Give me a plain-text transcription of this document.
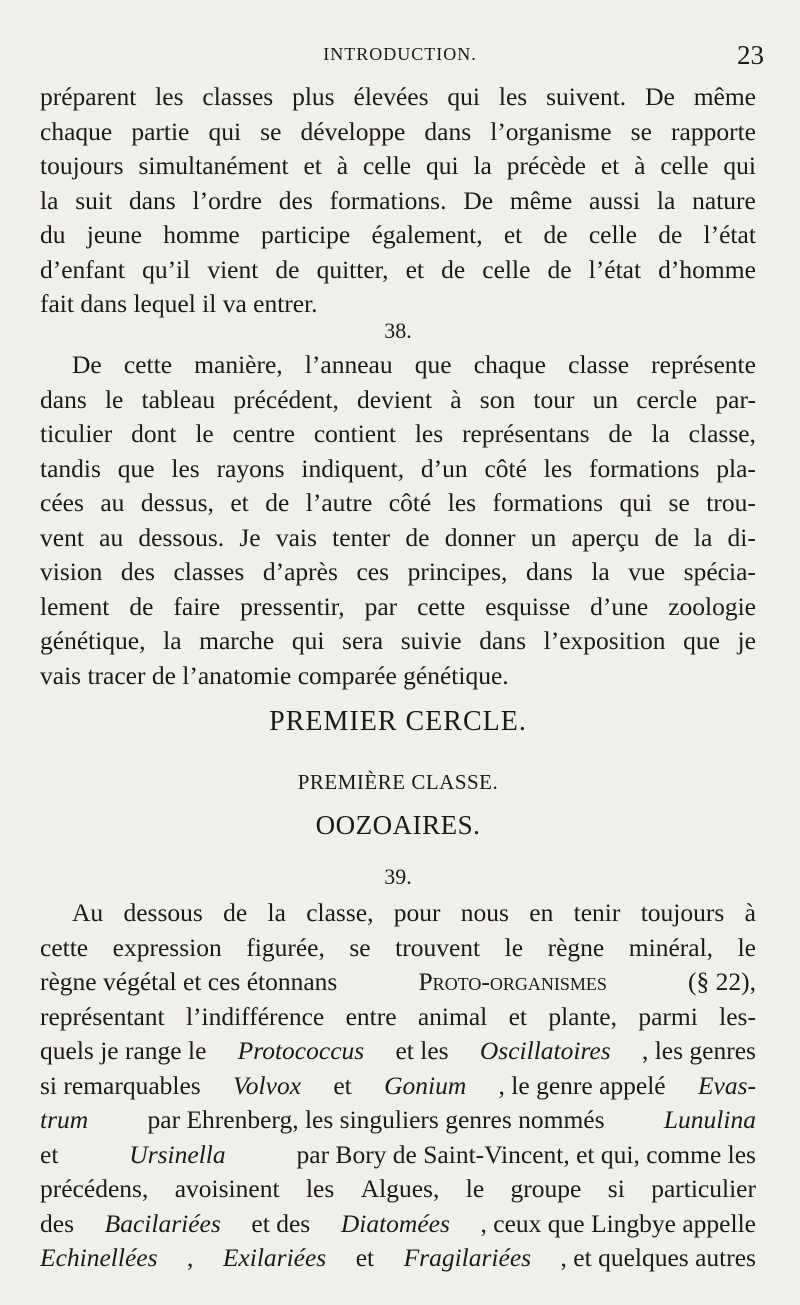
INTRODUCTION.	23
préparent les classes plus élevées qui les suivent. De même
chaque partie qui se développe dans l’organisme se rapporte
toujours simultanément et à celle qui la précède et à celle qui
la suit dans l’ordre des formations. De même aussi la nature
du jeune homme participe également, et de celle de l’état
d’enfant qu’il vient de quitter, et de celle de l’état d’homme
fait dans lequel il va entrer.
38.
De cette manière, l’anneau que chaque classe représente
dans le tableau précédent, devient à son tour un cercle par-
ticulier dont le centre contient les représentans de la classe,
tandis que les rayons indiquent, d’un côté les formations pla-
cées au dessus, et de l’autre côté les formations qui se trou-
vent au dessous. Je vais tenter de donner un aperçu de la di-
vision des classes d’après ces principes, dans la vue spécia-
lement de faire pressentir, par cette esquisse d’une zoologie
génétique, la marche qui sera suivie dans l’exposition que je
vais tracer de l’anatomie comparée génétique.
PREMIER CERCLE.
PREMIÈRE CLASSE.
OOZOAIRES.
39.
Au dessous de la classe, pour nous en tenir toujours à
cette expression figurée, se trouvent le règne minéral, le
règne végétal et ces étonnans	Proto-organismes	(§ 22),
représentant l’indifférence entre animal et plante, parmi les-
quels je range le Protococcus et les Oscillatoires , les genres
si remarquables Volvox et Gonium , le genre appelé Evas-
trum par Ehrenberg, les singuliers genres nommés Lunulina
et	Ursinella	par Bory de Saint-Vincent, et qui, comme les
précédens, avoisinent les Algues, le groupe si particulier
des Bacilariées et des Diatomées , ceux que Lingbye appelle
Echinellées , Exilariées et Fragilariées , et quelques autres
